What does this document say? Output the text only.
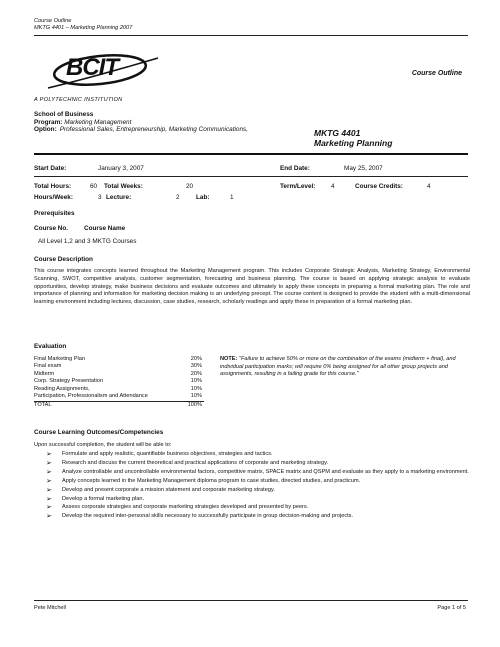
Course Outline
MKTG 4401 – Marketing Planning 2007
BCIT
A POLYTECHNIC INSTITUTION
Course Outline
School of Business
Program: Marketing Management
Option: Professional Sales, Entrepreneurship, Marketing Communications,	MKTG 4401
Marketing Planning
Start Date:	January 3, 2007	End Date:	May 25, 2007
Total Hours:	60 Total Weeks:	20	Term/Level: 4	Course Credits:	4
Hours/Week:	3 Lecture:	2	Lab:	1
Prerequisites
Course No. Course Name
All Level 1,2 and 3 MKTG Courses
Course Description
This course integrates concepts learned throughout the Marketing Management program. This includes Corporate Strategic Analysis, Marketing Strategy, Environmental Scanning, SWOT, competitive analysis, customer segmentation, forecasting and business planning. The course is based on applying strategic analysis to evaluate opportunities, develop strategy, make business decisions and evaluate outcomes and ultimately to apply these concepts in preparing a formal marketing plan. The role and importance of planning and information for marketing decision making is an underlying precept. The course content is designed to provide the student with a multi-dimensional learning environment including lectures, discussion, case studies, research, scholarly readings and apply these in preparation of a formal marketing plan.
Evaluation
Final Marketing Plan	20%
Final exam	30%
Midterm	20%
Corp. Strategy Presentation	10%
Reading Assignments,	10%
Participation, Professionalism and Attendance	10%
TOTAL	100%
NOTE: "Failure to achieve 50% or more on the combination of the exams (midterm + final), and individual participation marks; will require 0% being assigned for all other group projects and assignments, resulting in a failing grade for this course."
Course Learning Outcomes/Competencies
Upon successful completion, the student will be able to:
➢ Formulate and apply realistic, quantifiable business objectives, strategies and tactics.
➢ Research and discuss the current theoretical and practical applications of corporate and marketing strategy.
➢ Analyze controllable and uncontrollable environmental factors, competitive matrix, SPACE matrix and QSPM and evaluate as they apply to a marketing environment.
➢ Apply concepts learned in the Marketing Management diploma program to case studies, directed studies, and practicum.
➢ Develop and present corporate a mission statement and corporate marketing strategy.
➢ Develop a formal marketing plan.
➢ Assess corporate strategies and corporate marketing strategies developed and presented by peers.
➢ Develop the required inter-personal skills necessary to successfully participate in group decision-making and projects.
Pete Mitchell	Page 1 of 5
